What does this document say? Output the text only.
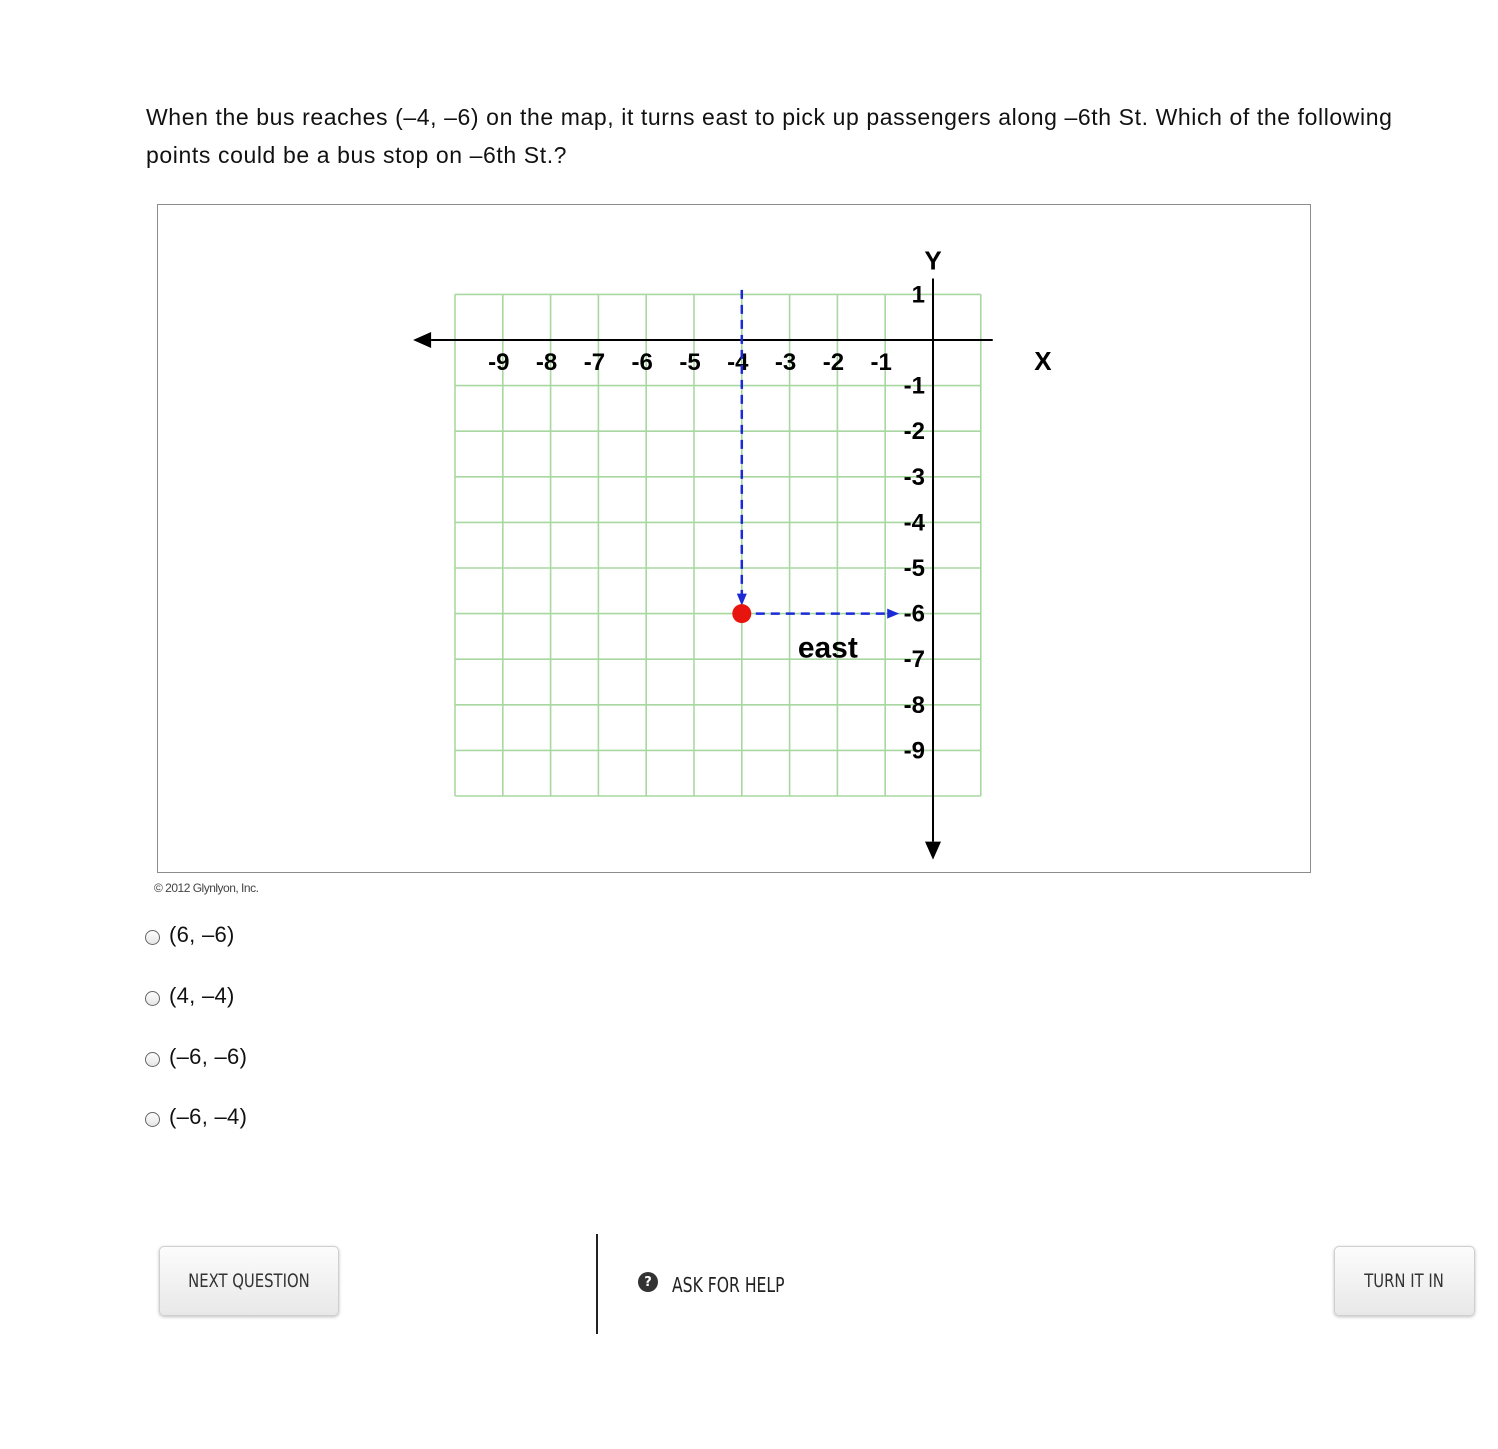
When the bus reaches (–4, –6) on the map, it turns east to pick up passengers along –6th St. Which of the following points could be a bus stop on –6th St.?
X
Y
-9 -8 -7 -6 -5 -4 -3 -2 -1
1
-1
-2
-3
-4
-5
-6
-7
-8
-9
east
© 2012 Glynlyon, Inc.
(6, –6)
(4, –4)
(–6, –6)
(–6, –4)
NEXT QUESTION	?	ASK FOR HELP	TURN IT IN
